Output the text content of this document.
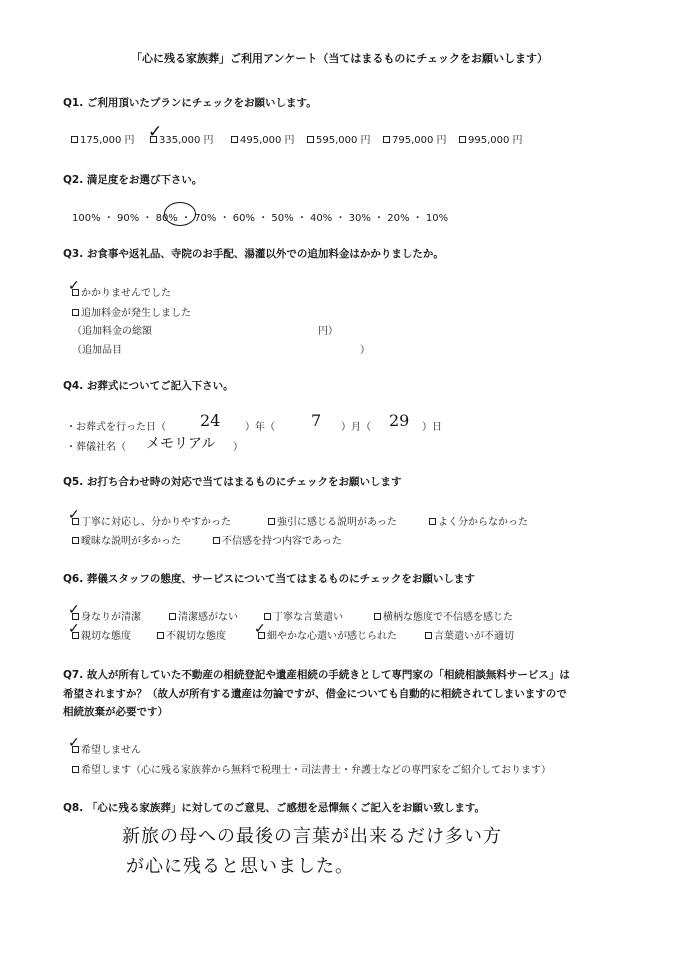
「心に残る家族葬」ご利用アンケート（当てはまるものにチェックをお願いします）
Q1. ご利用頂いたプランにチェックをお願いします。
175,000 円	335,000 円	495,000 円	595,000 円	795,000 円	995,000 円
✓
Q2. 満足度をお選び下さい。
100% ・ 90% ・ 80% ・ 70% ・ 60% ・ 50% ・ 40% ・ 30% ・ 20% ・ 10%
Q3. お食事や返礼品、寺院のお手配、湯灌以外での追加料金はかかりましたか。
かかりませんでした
✓
追加料金が発生しました
（追加料金の総額	円）
（追加品目	）
Q4. お葬式についてご記入下さい。
・お葬式を行った日（ 24 ）年（ 7 ）月（ 29 ）日
・葬儀社名（ メモリアル ）
Q5. お打ち合わせ時の対応で当てはまるものにチェックをお願いします
丁寧に対応し、分かりやすかった
✓	強引に感じる説明があった	よく分からなかった
曖昧な説明が多かった	不信感を持つ内容であった
Q6. 葬儀スタッフの態度、サービスについて当てはまるものにチェックをお願いします
身なりが清潔
✓	清潔感がない	丁寧な言葉遣い	横柄な態度で不信感を感じた
親切な態度
✓	不親切な態度	細やかな心遣いが感じられた
✓	言葉遣いが不適切
Q7. 故人が所有していた不動産の相続登記や遺産相続の手続きとして専門家の「相続相談無料サービス」は
希望されますか？（故人が所有する遺産は勿論ですが、借金についても自動的に相続されてしまいますので
相続放棄が必要です）
希望しません
✓
希望します（心に残る家族葬から無料で税理士・司法書士・弁護士などの専門家をご紹介しております）
Q8. 「心に残る家族葬」に対してのご意見、ご感想を忌憚無くご記入をお願い致します。
新旅の母への最後の言葉が出来るだけ多い方
が心に残ると思いました。
